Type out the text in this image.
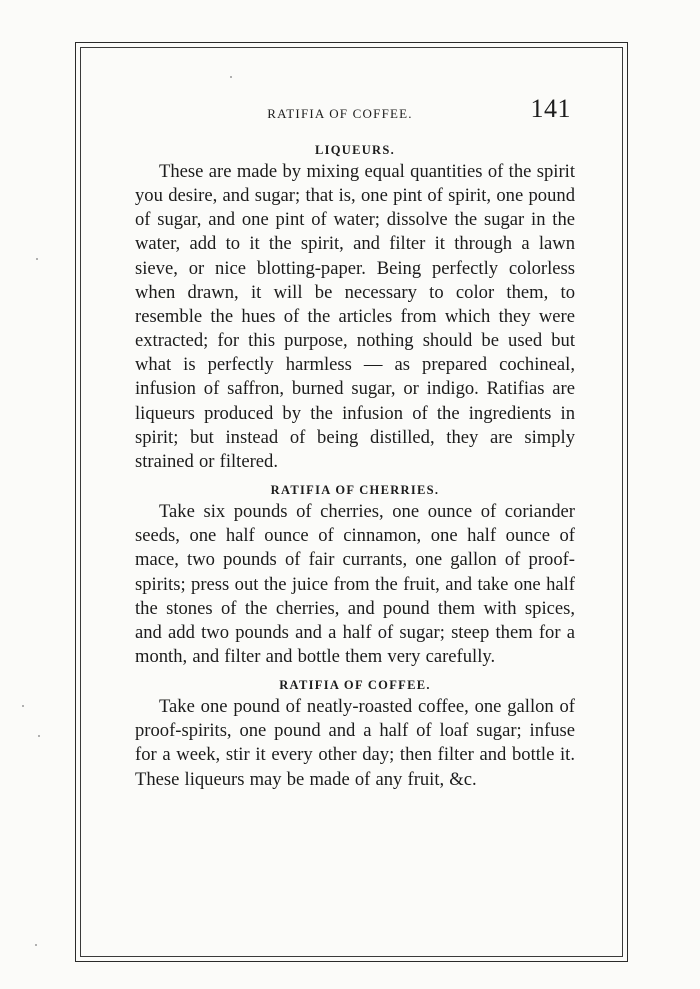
RATIFIA OF COFFEE.	141
LIQUEURS.

These are made by mixing equal quantities of the spirit you desire, and sugar; that is, one pint of spirit, one pound of sugar, and one pint of water; dissolve the sugar in the water, add to it the spirit, and filter it through a lawn sieve, or nice blotting-paper. Being perfectly colorless when drawn, it will be necessary to color them, to resemble the hues of the articles from which they were extracted; for this purpose, nothing should be used but what is perfectly harmless — as prepared cochineal, infusion of saffron, burned sugar, or indigo. Ratifias are liqueurs produced by the infusion of the ingredients in spirit; but instead of being distilled, they are simply strained or filtered.

RATIFIA OF CHERRIES.

Take six pounds of cherries, one ounce of coriander seeds, one half ounce of cinnamon, one half ounce of mace, two pounds of fair currants, one gallon of proof-spirits; press out the juice from the fruit, and take one half the stones of the cherries, and pound them with spices, and add two pounds and a half of sugar; steep them for a month, and filter and bottle them very carefully.

RATIFIA OF COFFEE.

Take one pound of neatly-roasted coffee, one gallon of proof-spirits, one pound and a half of loaf sugar; infuse for a week, stir it every other day; then filter and bottle it. These liqueurs may be made of any fruit, &c.
